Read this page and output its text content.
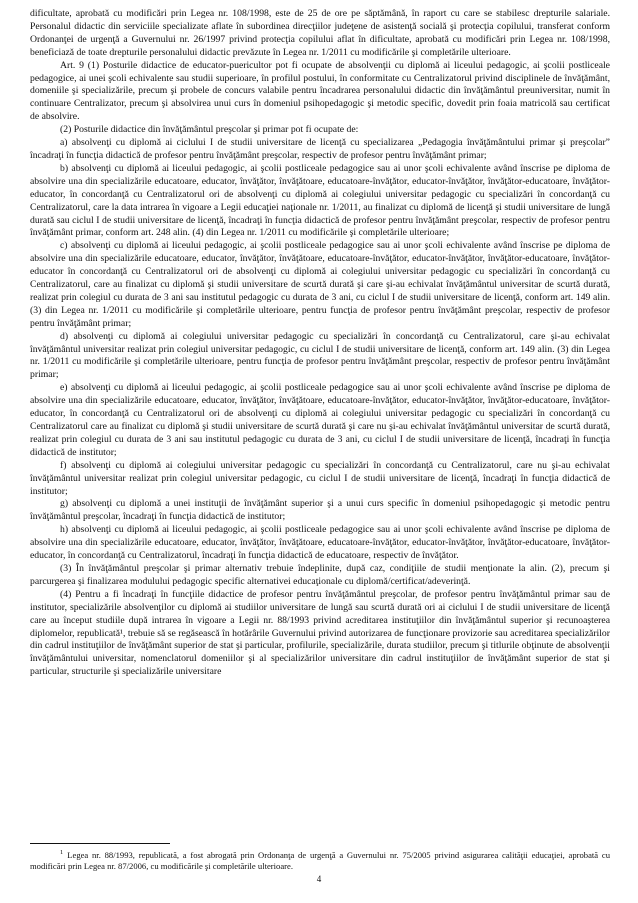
dificultate, aprobată cu modificări prin Legea nr. 108/1998, este de 25 de ore pe săptămână, în raport cu care se stabilesc drepturile salariale. Personalul didactic din serviciile specializate aflate în subordinea direcţiilor judeţene de asistenţă socială şi protecţia copilului, transferat conform Ordonanţei de urgenţă a Guvernului nr. 26/1997 privind protecţia copilului aflat în dificultate, aprobată cu modificări prin Legea nr. 108/1998, beneficiază de toate drepturile personalului didactic prevăzute în Legea nr. 1/2011 cu modificările şi completările ulterioare.

Art. 9 (1) Posturile didactice de educator-puericultor pot fi ocupate de absolvenţii cu diplomă ai liceului pedagogic, ai şcolii postliceale pedagogice, ai unei şcoli echivalente sau studii superioare, în profilul postului, în conformitate cu Centralizatorul privind disciplinele de învăţământ, domeniile şi specializările, precum şi probele de concurs valabile pentru încadrarea personalului didactic din învăţământul preuniversitar, numit în continuare Centralizator, precum şi absolvirea unui curs în domeniul psihopedagogic şi metodic specific, dovedit prin foaia matricolă sau certificat de absolvire.

(2) Posturile didactice din învăţământul preşcolar şi primar pot fi ocupate de:

a) absolvenţi cu diplomă ai ciclului I de studii universitare de licenţă cu specializarea „Pedagogia învăţământului primar şi preşcolar” încadraţi în funcţia didactică de profesor pentru învăţământ preşcolar, respectiv de profesor pentru învăţământ primar;

b) absolvenţi cu diplomă ai liceului pedagogic, ai şcolii postliceale pedagogice sau ai unor şcoli echivalente având înscrise pe diploma de absolvire una din specializările educatoare, educator, învăţător, învăţătoare, educatoare-învăţător, educator-învăţător, învăţător-educatoare, învăţător-educator, în concordanţă cu Centralizatorul ori de absolvenţi cu diplomă ai colegiului universitar pedagogic cu specializări în concordanţă cu Centralizatorul, care la data intrarea în vigoare a Legii educaţiei naţionale nr. 1/2011, au finalizat cu diplomă de licenţă şi studii universitare de lungă durată sau ciclul I de studii universitare de licenţă, încadraţi în funcţia didactică de profesor pentru învăţământ preşcolar, respectiv de profesor pentru învăţământ primar, conform art. 248 alin. (4) din Legea nr. 1/2011 cu modificările şi completările ulterioare;

c) absolvenţi cu diplomă ai liceului pedagogic, ai şcolii postliceale pedagogice sau ai unor şcoli echivalente având înscrise pe diploma de absolvire una din specializările educatoare, educator, învăţător, învăţătoare, educatoare-învăţător, educator-învăţător, învăţător-educatoare, învăţător-educator în concordanţă cu Centralizatorul ori de absolvenţi cu diplomă ai colegiului universitar pedagogic cu specializări în concordanţă cu Centralizatorul, care au finalizat cu diplomă şi studii universitare de scurtă durată şi care şi-au echivalat învăţământul universitar de scurtă durată, realizat prin colegiul cu durata de 3 ani sau institutul pedagogic cu durata de 3 ani, cu ciclul I de studii universitare de licenţă, conform art. 149 alin. (3) din Legea nr. 1/2011 cu modificările şi completările ulterioare, pentru funcţia de profesor pentru învăţământ preşcolar, respectiv de profesor pentru învăţământ primar;

d) absolvenţi cu diplomă ai colegiului universitar pedagogic cu specializări în concordanţă cu Centralizatorul, care şi-au echivalat învăţământul universitar realizat prin colegiul universitar pedagogic, cu ciclul I de studii universitare de licenţă, conform art. 149 alin. (3) din Legea nr. 1/2011 cu modificările şi completările ulterioare, pentru funcţia de profesor pentru învăţământ preşcolar, respectiv de profesor pentru învăţământ primar;

e) absolvenţi cu diplomă ai liceului pedagogic, ai şcolii postliceale pedagogice sau ai unor şcoli echivalente având înscrise pe diploma de absolvire una din specializările educatoare, educator, învăţător, învăţătoare, educatoare-învăţător, educator-învăţător, învăţător-educatoare, învăţător-educator, în concordanţă cu Centralizatorul ori de absolvenţi cu diplomă ai colegiului universitar pedagogic cu specializări în concordanţă cu Centralizatorul care au finalizat cu diplomă şi studii universitare de scurtă durată şi care nu şi-au echivalat învăţământul universitar de scurtă durată, realizat prin colegiul cu durata de 3 ani sau institutul pedagogic cu durata de 3 ani, cu ciclul I de studii universitare de licenţă, încadraţi în funcţia didactică de institutor;

f) absolvenţi cu diplomă ai colegiului universitar pedagogic cu specializări în concordanţă cu Centralizatorul, care nu şi-au echivalat învăţământul universitar realizat prin colegiul universitar pedagogic, cu ciclul I de studii universitare de licenţă, încadraţi în funcţia didactică de institutor;

g) absolvenţi cu diplomă a unei instituţii de învăţământ superior şi a unui curs specific în domeniul psihopedagogic şi metodic pentru învăţământul preşcolar, încadraţi în funcţia didactică de institutor;

h) absolvenţi cu diplomă ai liceului pedagogic, ai şcolii postliceale pedagogice sau ai unor şcoli echivalente având înscrise pe diploma de absolvire una din specializările educatoare, educator, învăţător, învăţătoare, educatoare-învăţător, educator-învăţător, învăţător-educatoare, învăţător-educator, în concordanţă cu Centralizatorul, încadraţi în funcţia didactică de educatoare, respectiv de învăţător.

(3) În învăţământul preşcolar şi primar alternativ trebuie îndeplinite, după caz, condiţiile de studii menţionate la alin. (2), precum şi parcurgerea şi finalizarea modulului pedagogic specific alternativei educaţionale cu diplomă/certificat/adeverinţă.

(4) Pentru a fi încadraţi în funcţiile didactice de profesor pentru învăţământul preşcolar, de profesor pentru învăţământul primar sau de institutor, specializările absolvenţilor cu diplomă ai studiilor universitare de lungă sau scurtă durată ori ai ciclului I de studii universitare de licenţă care au început studiile după intrarea în vigoare a Legii nr. 88/1993 privind acreditarea instituţiilor din învăţământul superior şi recunoaşterea diplomelor, republicată¹, trebuie să se regăsească în hotărârile Guvernului privind autorizarea de funcţionare provizorie sau acreditarea specializărilor din cadrul instituţiilor de învăţământ superior de stat şi particular, profilurile, specializările, durata studiilor, precum şi titlurile obţinute de absolvenţii învăţământului universitar, nomenclatorul domeniilor şi al specializărilor universitare din cadrul instituţiilor de învăţământ superior de stat şi particular, structurile şi specializările universitare

$^1$ Legea nr. 88/1993, republicată, a fost abrogată prin Ordonanţa de urgenţă a Guvernului nr. 75/2005 privind asigurarea calităţii educaţiei, aprobată cu modificări prin Legea nr. 87/2006, cu modificările şi completările ulterioare.
4
